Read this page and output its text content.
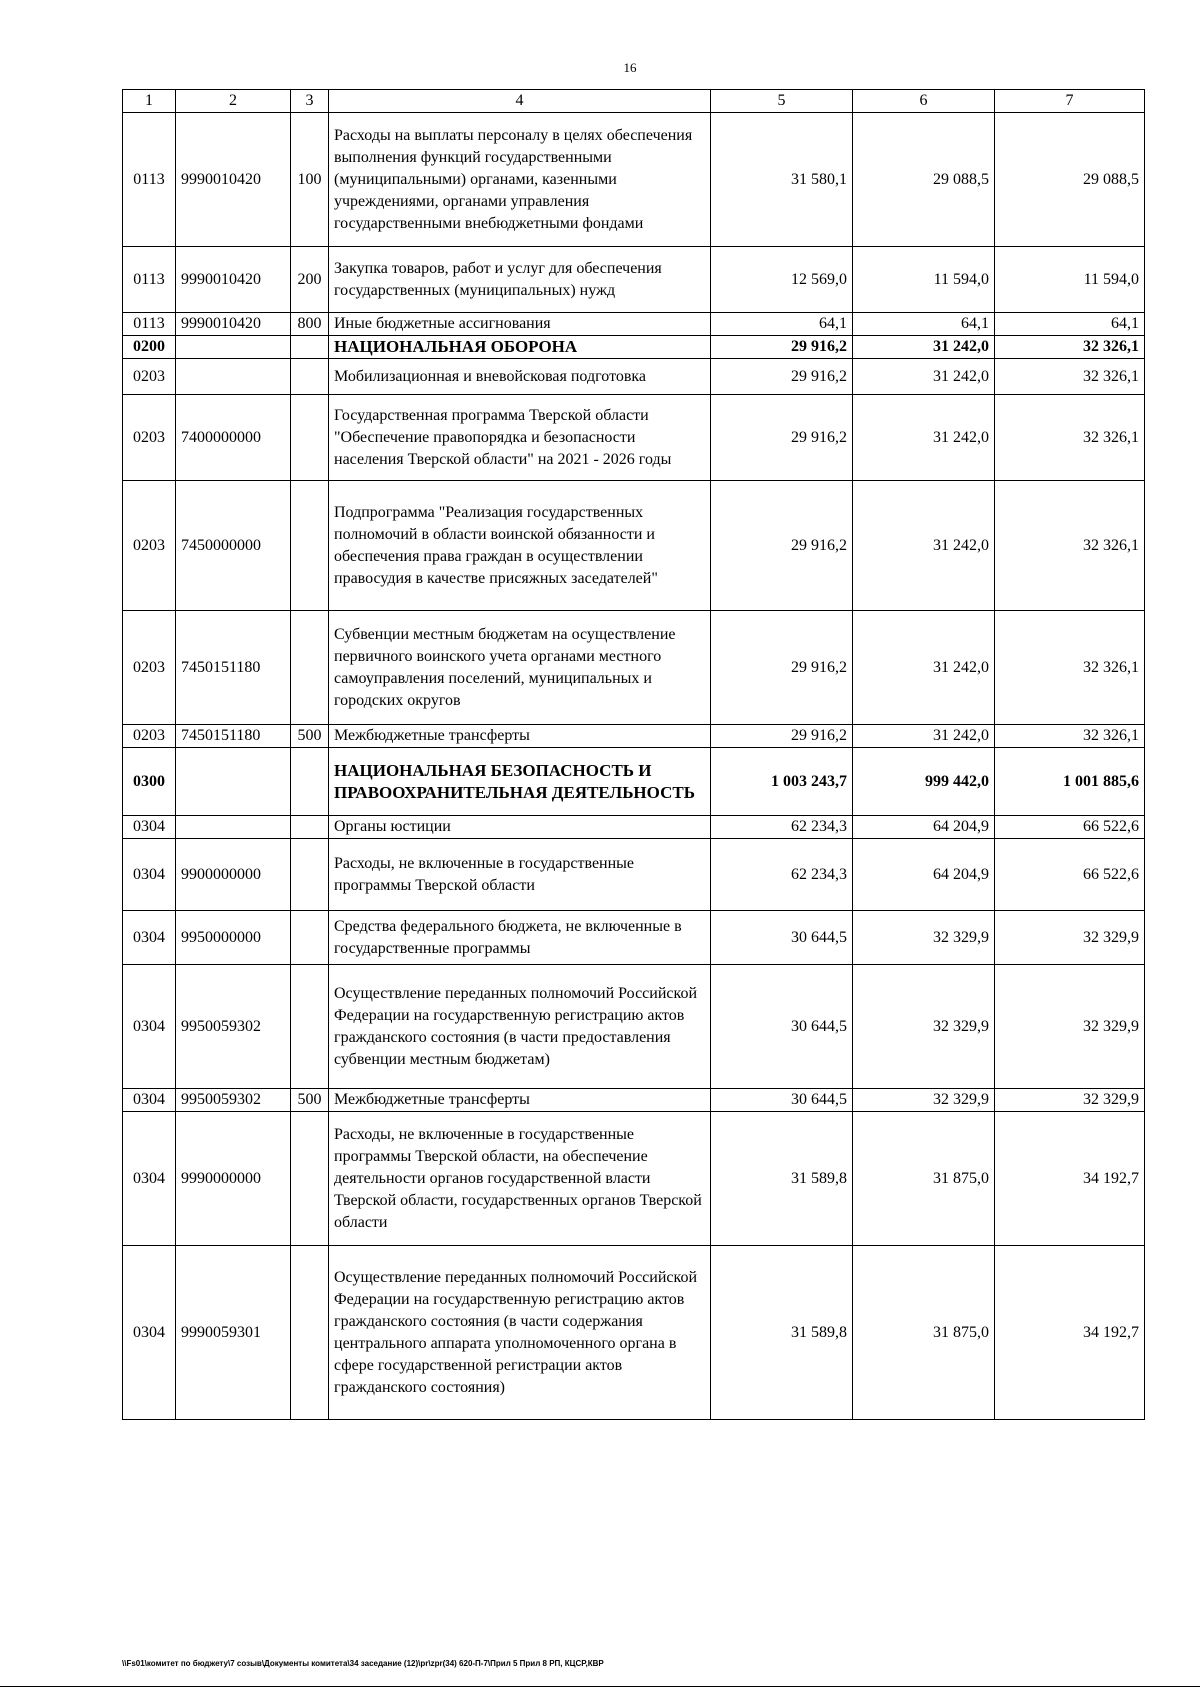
16
1	2	3	4	5	6	7
0113	9990010420	100	Расходы на выплаты персоналу в целях обеспечения выполнения функций государственными (муниципальными) органами, казенными учреждениями, органами управления государственными внебюджетными фондами	31 580,1	29 088,5	29 088,5
0113	9990010420	200	Закупка товаров, работ и услуг для обеспечения государственных (муниципальных) нужд	12 569,0	11 594,0	11 594,0
0113	9990010420	800	Иные бюджетные ассигнования	64,1	64,1	64,1
0200			НАЦИОНАЛЬНАЯ ОБОРОНА	29 916,2	31 242,0	32 326,1
0203			Мобилизационная и вневойсковая подготовка	29 916,2	31 242,0	32 326,1
0203	7400000000		Государственная программа Тверской области "Обеспечение правопорядка и безопасности населения Тверской области" на 2021 - 2026 годы	29 916,2	31 242,0	32 326,1
0203	7450000000		Подпрограмма "Реализация государственных полномочий в области воинской обязанности и обеспечения права граждан в осуществлении правосудия в качестве присяжных заседателей"	29 916,2	31 242,0	32 326,1
0203	7450151180		Субвенции местным бюджетам на осуществление первичного воинского учета органами местного самоуправления поселений, муниципальных и городских округов	29 916,2	31 242,0	32 326,1
0203	7450151180	500	Межбюджетные трансферты	29 916,2	31 242,0	32 326,1
0300			НАЦИОНАЛЬНАЯ БЕЗОПАСНОСТЬ И ПРАВООХРАНИТЕЛЬНАЯ ДЕЯТЕЛЬНОСТЬ	1 003 243,7	999 442,0	1 001 885,6
0304			Органы юстиции	62 234,3	64 204,9	66 522,6
0304	9900000000		Расходы, не включенные в государственные программы Тверской области	62 234,3	64 204,9	66 522,6
0304	9950000000		Средства федерального бюджета, не включенные в государственные программы	30 644,5	32 329,9	32 329,9
0304	9950059302		Осуществление переданных полномочий Российской Федерации на государственную регистрацию актов гражданского состояния (в части предоставления субвенции местным бюджетам)	30 644,5	32 329,9	32 329,9
0304	9950059302	500	Межбюджетные трансферты	30 644,5	32 329,9	32 329,9
0304	9990000000		Расходы, не включенные в государственные программы Тверской области, на обеспечение деятельности органов государственной власти Тверской области, государственных органов Тверской области	31 589,8	31 875,0	34 192,7
0304	9990059301		Осуществление переданных полномочий Российской Федерации на государственную регистрацию актов гражданского состояния (в части содержания центрального аппарата уполномоченного органа в сфере государственной регистрации актов гражданского состояния)	31 589,8	31 875,0	34 192,7
\\Fs01\комитет по бюджету\7 созыв\Документы комитета\34 заседание (12)\pr\zpr(34) 620-П-7\Прил 5 Прил 8 РП, КЦСР,КВР
